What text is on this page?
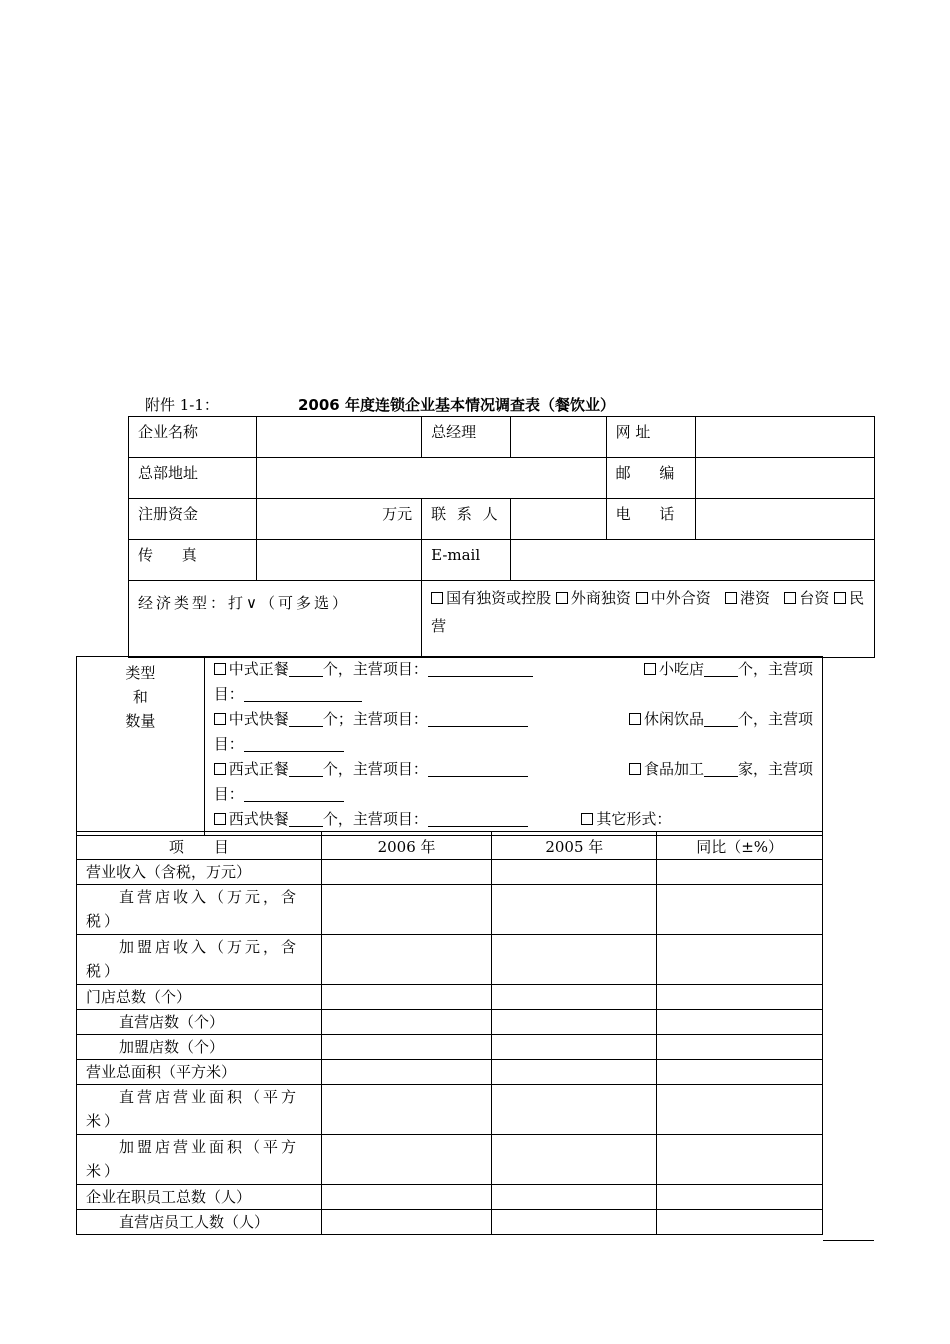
附件 1-1：	2006 年度连锁企业基本情况调查表（餐饮业）
企业名称		总经理		网 址	
总部地址				邮 编	
注册资金	万元	联 系 人		电 话	
传 真		E-mail			
经济类型：打∨（可多选）		国有独资或控股 外商独资 中外合资 港资 台资 民营			
类型
和
数量

中式正餐 个，主营项目：	小吃店 个，主营项
目：
中式快餐 个；主营项目：	休闲饮品 个，主营项
目：
西式正餐 个，主营项目：	食品加工 家，主营项
目：
西式快餐 个，主营项目：	其它形式：
项　　目	2006 年	2005 年	同比（±%）
营业收入（含税，万元）			
直营店收入（万元，含税）			
加盟店收入（万元，含税）			
门店总数（个）			
直营店数（个）			
加盟店数（个）			
营业总面积（平方米）			
直营店营业面积（平方米）			
加盟店营业面积（平方米）			
企业在职员工总数（人）			
直营店员工人数（人）			
